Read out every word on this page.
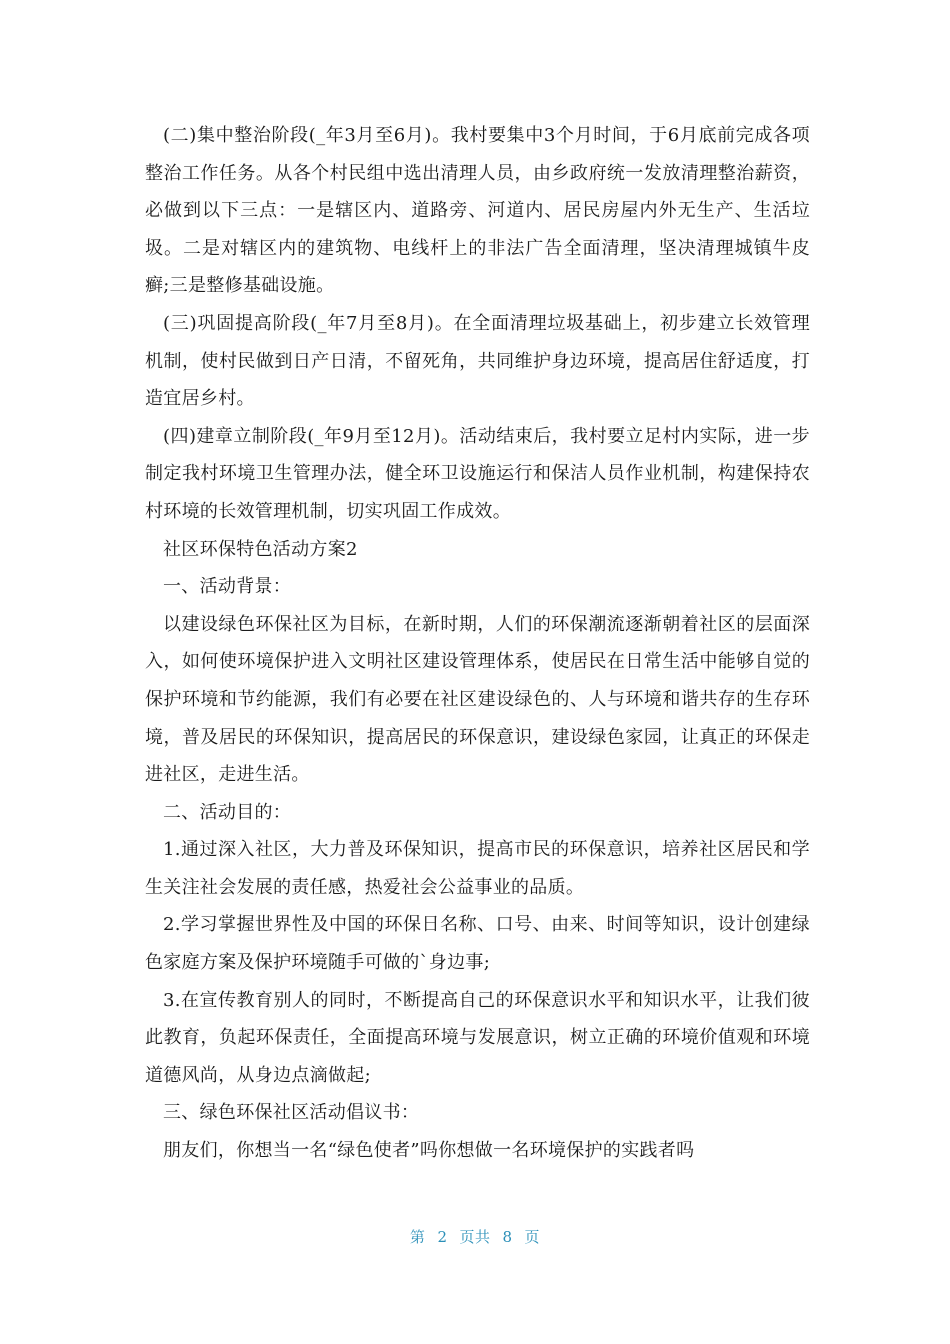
(二)集中整治阶段(_年3月至6月)。我村要集中3个月时间，于6月底前完成各项整治工作任务。从各个村民组中选出清理人员，由乡政府统一发放清理整治薪资，必做到以下三点：一是辖区内、道路旁、河道内、居民房屋内外无生产、生活垃圾。二是对辖区内的建筑物、电线杆上的非法广告全面清理，坚决清理城镇牛皮癣;三是整修基础设施。

(三)巩固提高阶段(_年7月至8月)。在全面清理垃圾基础上，初步建立长效管理机制，使村民做到日产日清，不留死角，共同维护身边环境，提高居住舒适度，打造宜居乡村。

(四)建章立制阶段(_年9月至12月)。活动结束后，我村要立足村内实际，进一步制定我村环境卫生管理办法，健全环卫设施运行和保洁人员作业机制，构建保持农村环境的长效管理机制，切实巩固工作成效。

社区环保特色活动方案2

一、活动背景：

以建设绿色环保社区为目标，在新时期，人们的环保潮流逐渐朝着社区的层面深入，如何使环境保护进入文明社区建设管理体系，使居民在日常生活中能够自觉的保护环境和节约能源，我们有必要在社区建设绿色的、人与环境和谐共存的生存环境，普及居民的环保知识，提高居民的环保意识，建设绿色家园，让真正的环保走进社区，走进生活。

二、活动目的：

1.通过深入社区，大力普及环保知识，提高市民的环保意识，培养社区居民和学生关注社会发展的责任感，热爱社会公益事业的品质。

2.学习掌握世界性及中国的环保日名称、口号、由来、时间等知识，设计创建绿色家庭方案及保护环境随手可做的`身边事;

3.在宣传教育别人的同时，不断提高自己的环保意识水平和知识水平，让我们彼此教育，负起环保责任，全面提高环境与发展意识，树立正确的环境价值观和环境道德风尚，从身边点滴做起;

三、绿色环保社区活动倡议书：

朋友们，你想当一名“绿色使者”吗你想做一名环境保护的实践者吗

第 2 页共 8 页
